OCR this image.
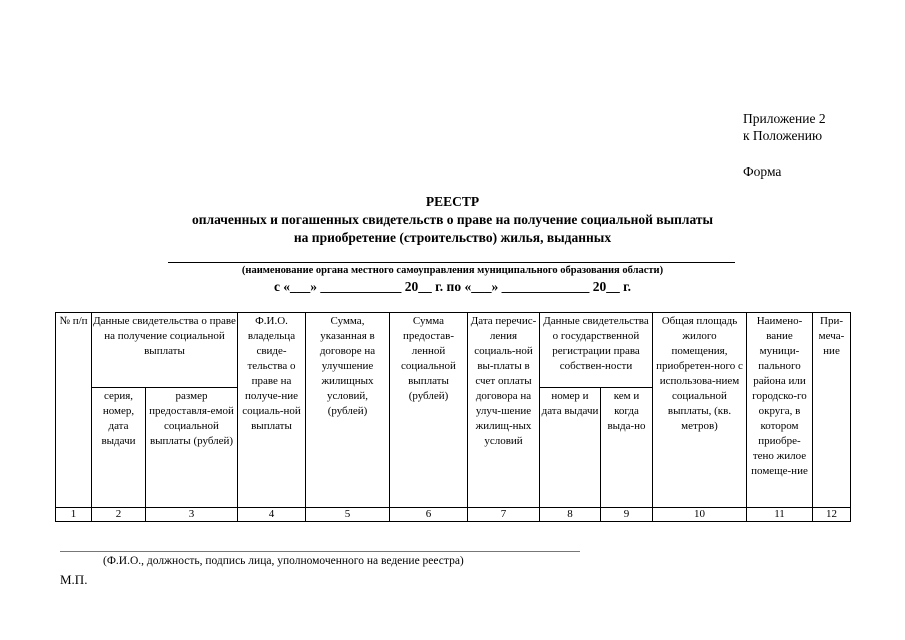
Приложение 2
к Положению
Форма
РЕЕСТР
оплаченных и погашенных свидетельств о праве на получение социальной выплаты
на приобретение (строительство) жилья, выданных
(наименование органа местного самоуправления муниципального образования области)
с «___» ____________ 20__ г. по «___» _____________ 20__ г.
№ п/п	Данные свидетельства о праве на получение социальной выплаты		Ф.И.О. владельца свиде-тельства о праве на получе-ние социаль-ной выплаты	Сумма, указанная в договоре на улучшение жилищных условий, (рублей)	Сумма предостав-ленной социальной выплаты (рублей)	Дата перечис-ления социаль-ной вы-платы в счет оплаты договора на улуч-шение жилищ-ных условий	Данные свидетельства о государственной регистрации права собствен-ности		Общая площадь жилого помещения, приобретен-ного с использова-нием социальной выплаты, (кв. метров)	Наимено-вание муници-пального района или городско-го округа, в котором приобре-тено жилое помеще-ние	При-меча-ние
	серия, номер, дата выдачи	размер предоставля-емой социальной выплаты (рублей)					номер и дата выдачи	кем и когда выда-но			
1	2	3	4	5	6	7	8	9	10	11	12
(Ф.И.О., должность, подпись лица, уполномоченного на ведение реестра)
М.П.
